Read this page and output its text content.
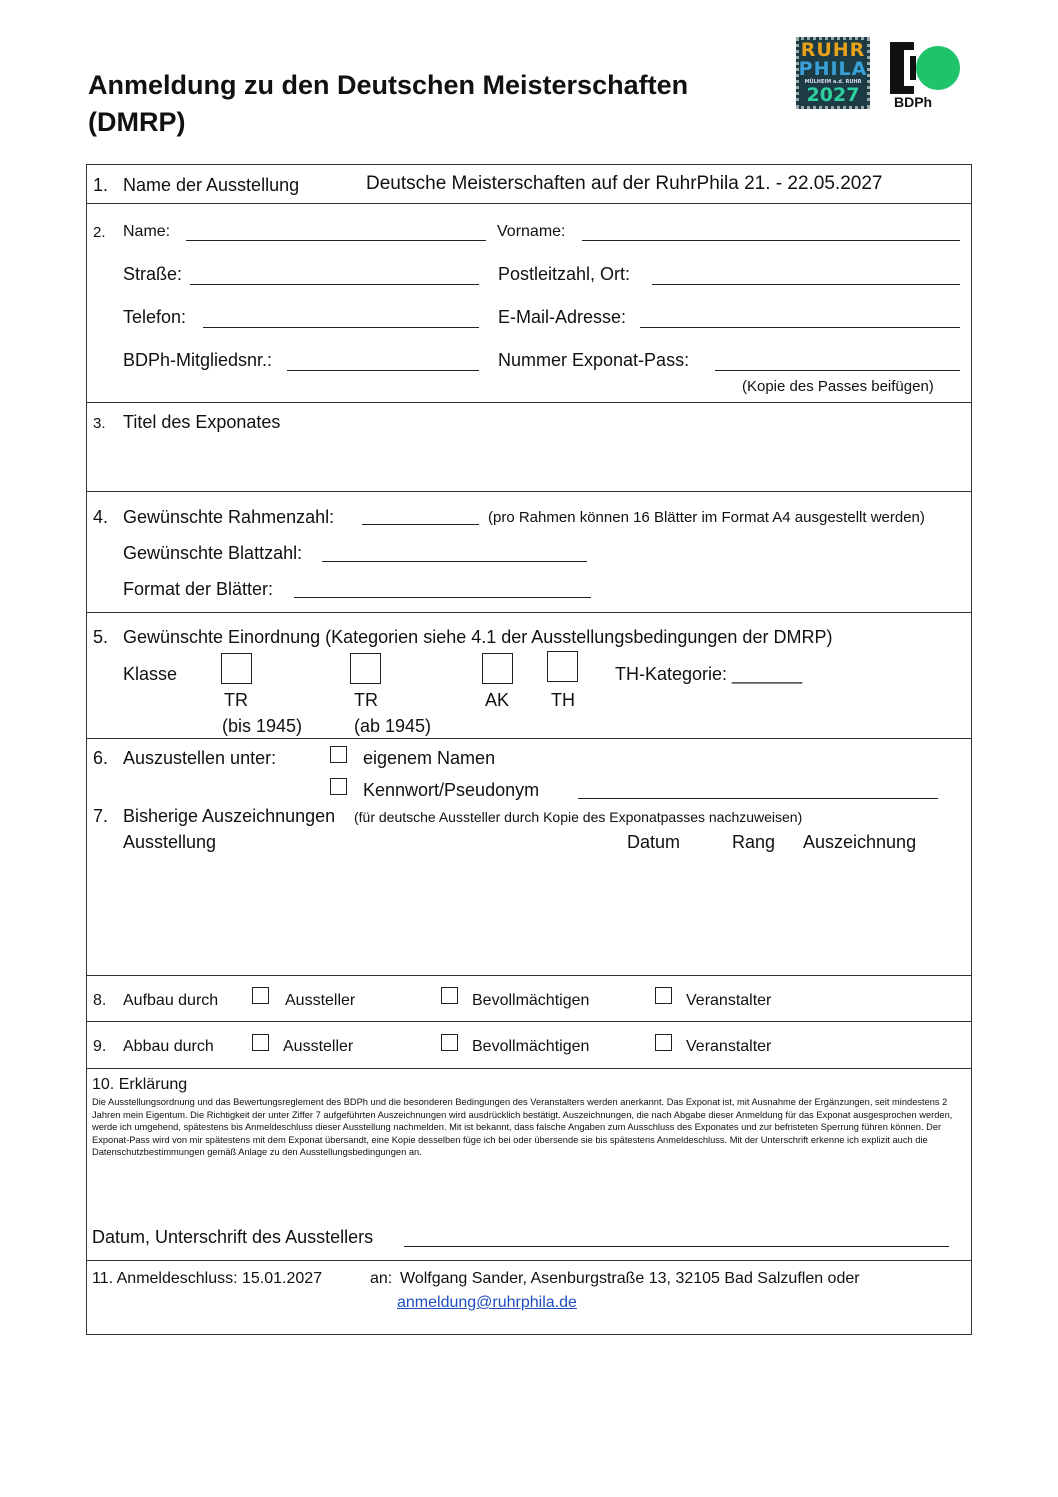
Anmeldung zu den Deutschen Meisterschaften
(DMRP)
RUHR
PHILA
MÜLHEIM a.d. RUHR
2027	BDPh
1. Name der Ausstellung	Deutsche Meisterschaften auf der RuhrPhila 21. - 22.05.2027
2. Name:	Vorname:
Straße:	Postleitzahl, Ort:
Telefon:	E-Mail-Adresse:
BDPh-Mitgliedsnr.:	Nummer Exponat-Pass:
(Kopie des Passes beifügen)
3. Titel des Exponates
4. Gewünschte Rahmenzahl:	(pro Rahmen können 16 Blätter im Format A4 ausgestellt werden)
Gewünschte Blattzahl:
Format der Blätter:
5. Gewünschte Einordnung (Kategorien siehe 4.1 der Ausstellungsbedingungen der DMRP)
Klasse	TH-Kategorie: _______
TR
(bis 1945)
TR
(ab 1945)
AK TH
6. Auszustellen unter:	eigenem Namen
Kennwort/Pseudonym
7. Bisherige Auszeichnungen (für deutsche Aussteller durch Kopie des Exponatpasses nachzuweisen)
Ausstellung	Datum	Rang Auszeichnung
8. Aufbau durch	Aussteller	Bevollmächtigen	Veranstalter
9. Abbau durch	Aussteller	Bevollmächtigen	Veranstalter
10. Erklärung
Die Ausstellungsordnung und das Bewertungsreglement des BDPh und die besonderen Bedingungen des Veranstalters werden anerkannt. Das Exponat ist, mit Ausnahme der Ergänzungen, seit mindestens 2 Jahren mein Eigentum. Die Richtigkeit der unter Ziffer 7 aufgeführten Auszeichnungen wird ausdrücklich bestätigt. Auszeichnungen, die nach Abgabe dieser Anmeldung für das Exponat ausgesprochen werden, werde ich umgehend, spätestens bis Anmeldeschluss dieser Ausstellung nachmelden. Mit ist bekannt, dass falsche Angaben zum Ausschluss des Exponates und zur befristeten Sperrung führen können. Der Exponat-Pass wird von mir spätestens mit dem Exponat übersandt, eine Kopie desselben füge ich bei oder übersende sie bis spätestens Anmeldeschluss. Mit der Unterschrift erkenne ich explizit auch die Datenschutzbestimmungen gemäß Anlage zu den Ausstellungsbedingungen an.
Datum, Unterschrift des Ausstellers
11. Anmeldeschluss: 15.01.2027	an: Wolfgang Sander, Asenburgstraße 13, 32105 Bad Salzuflen oder
anmeldung@ruhrphila.de
